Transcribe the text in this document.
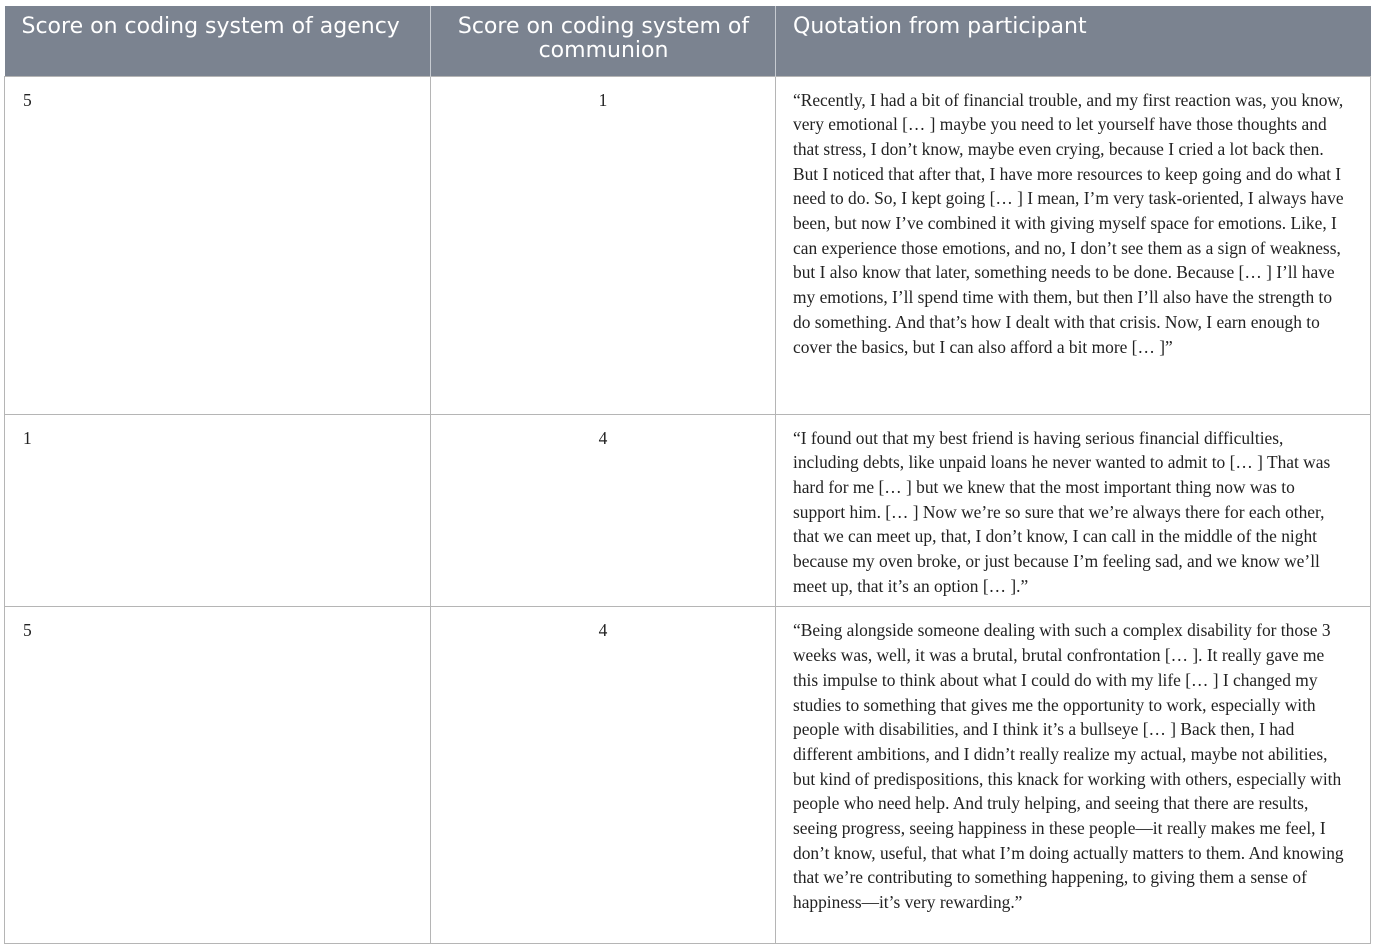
Score on coding system of agency	Score on coding system of communion	Quotation from participant
5	1	“Recently, I had a bit of financial trouble, and my first reaction was, you know, very emotional [… ] maybe you need to let yourself have those thoughts and that stress, I don’t know, maybe even crying, because I cried a lot back then. But I noticed that after that, I have more resources to keep going and do what I need to do. So, I kept going [… ] I mean, I’m very task-oriented, I always have been, but now I’ve combined it with giving myself space for emotions. Like, I can experience those emotions, and no, I don’t see them as a sign of weakness, but I also know that later, something needs to be done. Because [… ] I’ll have my emotions, I’ll spend time with them, but then I’ll also have the strength to do something. And that’s how I dealt with that crisis. Now, I earn enough to cover the basics, but I can also afford a bit more [… ]”
1	4	“I found out that my best friend is having serious financial difficulties, including debts, like unpaid loans he never wanted to admit to [… ] That was hard for me [… ] but we knew that the most important thing now was to support him. [… ] Now we’re so sure that we’re always there for each other, that we can meet up, that, I don’t know, I can call in the middle of the night because my oven broke, or just because I’m feeling sad, and we know we’ll meet up, that it’s an option [… ].”
5	4	“Being alongside someone dealing with such a complex disability for those 3 weeks was, well, it was a brutal, brutal confrontation [… ]. It really gave me this impulse to think about what I could do with my life [… ] I changed my studies to something that gives me the opportunity to work, especially with people with disabilities, and I think it’s a bullseye [… ] Back then, I had different ambitions, and I didn’t really realize my actual, maybe not abilities, but kind of predispositions, this knack for working with others, especially with people who need help. And truly helping, and seeing that there are results, seeing progress, seeing happiness in these people—it really makes me feel, I don’t know, useful, that what I’m doing actually matters to them. And knowing that we’re contributing to something happening, to giving them a sense of happiness—it’s very rewarding.”
